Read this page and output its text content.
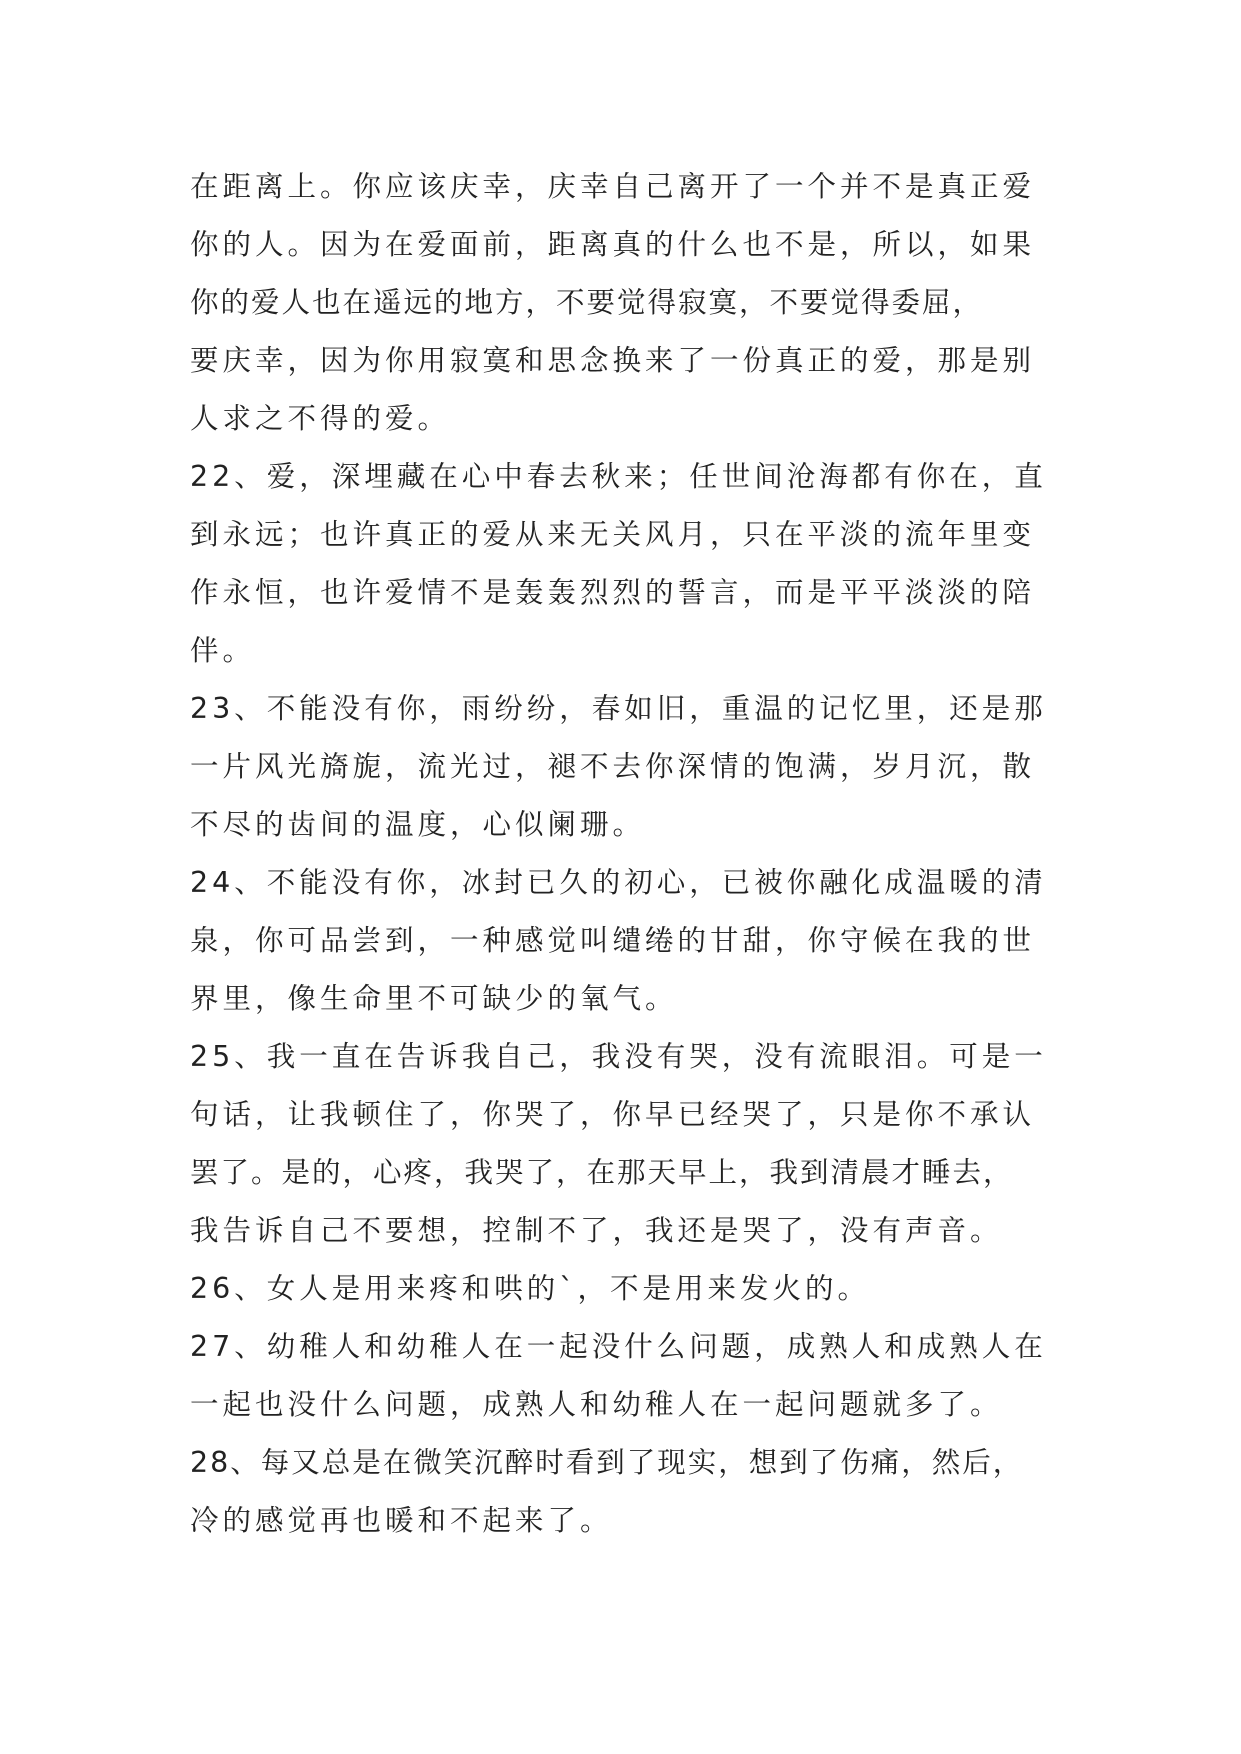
在距离上。你应该庆幸，庆幸自己离开了一个并不是真正爱
你的人。因为在爱面前，距离真的什么也不是，所以，如果
你的爱人也在遥远的地方，不要觉得寂寞，不要觉得委屈，
要庆幸，因为你用寂寞和思念换来了一份真正的爱，那是别
人求之不得的爱。
22、爱，深埋藏在心中春去秋来；任世间沧海都有你在，直
到永远；也许真正的爱从来无关风月，只在平淡的流年里变
作永恒，也许爱情不是轰轰烈烈的誓言，而是平平淡淡的陪
伴。
23、不能没有你，雨纷纷，春如旧，重温的记忆里，还是那
一片风光旖旎，流光过，褪不去你深情的饱满，岁月沉，散
不尽的齿间的温度，心似阑珊。
24、不能没有你，冰封已久的初心，已被你融化成温暖的清
泉，你可品尝到，一种感觉叫缱绻的甘甜，你守候在我的世
界里，像生命里不可缺少的氧气。
25、我一直在告诉我自己，我没有哭，没有流眼泪。可是一
句话，让我顿住了，你哭了，你早已经哭了，只是你不承认
罢了。是的，心疼，我哭了，在那天早上，我到清晨才睡去，
我告诉自己不要想，控制不了，我还是哭了，没有声音。
26、女人是用来疼和哄的`，不是用来发火的。
27、幼稚人和幼稚人在一起没什么问题，成熟人和成熟人在
一起也没什么问题，成熟人和幼稚人在一起问题就多了。
28、每又总是在微笑沉醉时看到了现实，想到了伤痛，然后，
冷的感觉再也暖和不起来了。
